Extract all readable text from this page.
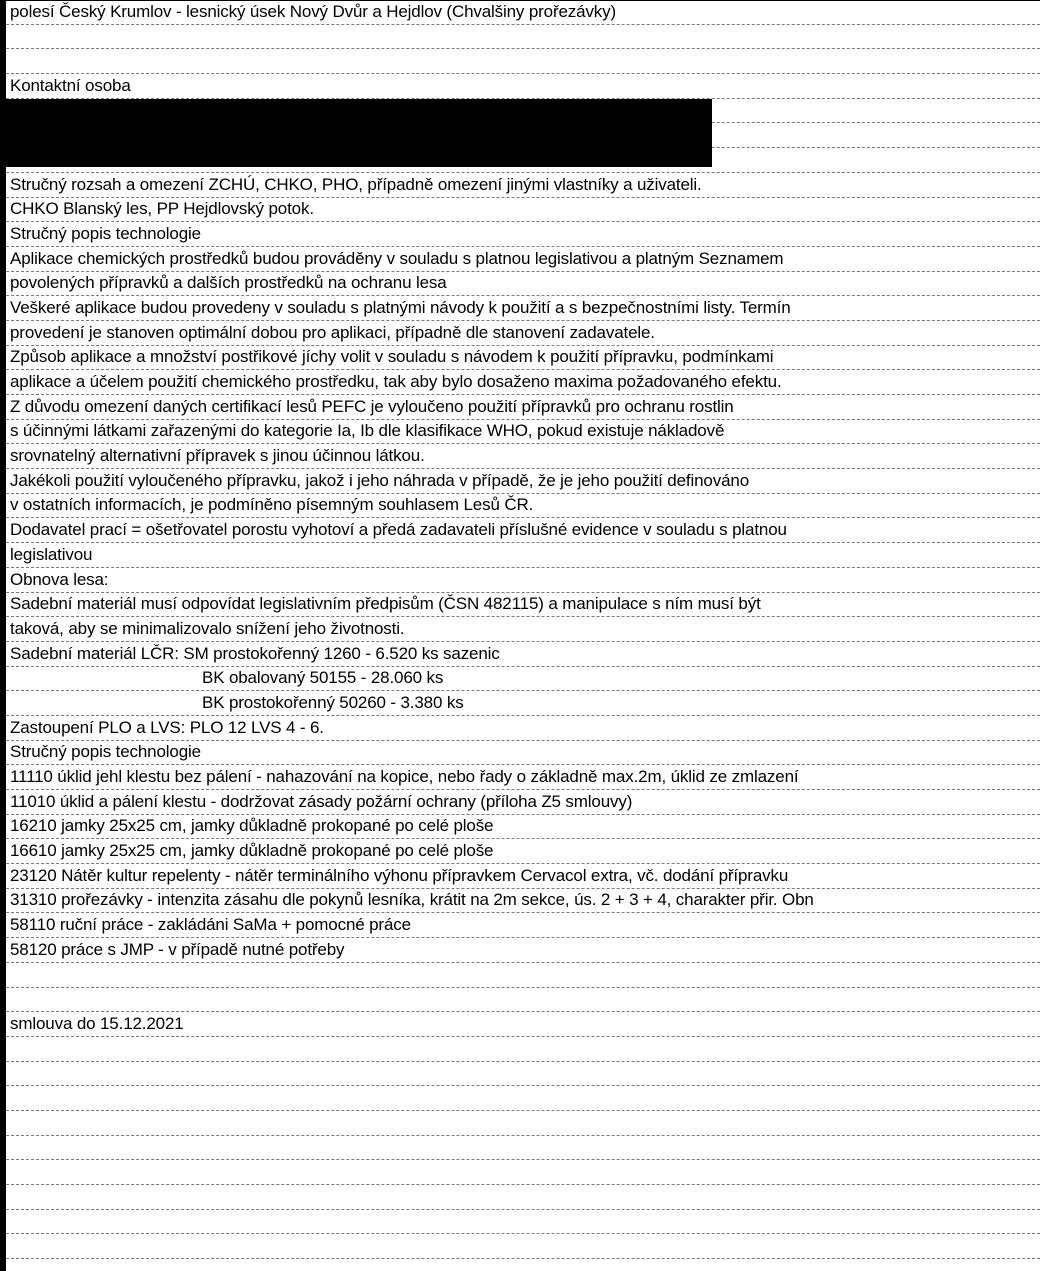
polesí Český Krumlov - lesnický úsek Nový Dvůr a Hejdlov (Chvalšiny prořezávky)
Kontaktní osoba
Stručný rozsah a omezení ZCHÚ, CHKO, PHO, případně omezení jinými vlastníky a uživateli.
CHKO Blanský les, PP Hejdlovský potok.
Stručný popis technologie
Aplikace chemických prostředků budou prováděny v souladu s platnou legislativou a platným Seznamem
povolených přípravků a dalších prostředků na ochranu lesa
Veškeré aplikace budou provedeny v souladu s platnými návody k použití a s bezpečnostními listy. Termín
provedení je stanoven optimální dobou pro aplikaci, případně dle stanovení zadavatele.
Způsob aplikace a množství postřikové jíchy volit v souladu s návodem k použití přípravku, podmínkami
aplikace a účelem použití chemického prostředku, tak aby bylo dosaženo maxima požadovaného efektu.
Z důvodu omezení daných certifikací lesů PEFC je vyloučeno použití přípravků pro ochranu rostlin
s účinnými látkami zařazenými do kategorie Ia, Ib dle klasifikace WHO, pokud existuje nákladově
srovnatelný alternativní přípravek s jinou účinnou látkou.
Jakékoli použití vyloučeného přípravku, jakož i jeho náhrada v případě, že je jeho použití definováno
v ostatních informacích, je podmíněno písemným souhlasem Lesů ČR.
Dodavatel prací = ošetřovatel porostu vyhotoví a předá zadavateli příslušné evidence v souladu s platnou
legislativou
Obnova lesa:
Sadební materiál musí odpovídat legislativním předpisům (ČSN 482115) a manipulace s ním musí být
taková, aby se minimalizovalo snížení jeho životnosti.
Sadební materiál LČR: SM prostokořenný 1260 - 6.520 ks sazenic
BK obalovaný 50155 - 28.060 ks
BK prostokořenný 50260 - 3.380 ks
Zastoupení PLO a LVS: PLO 12 LVS 4 - 6.
Stručný popis technologie
11110 úklid jehl klestu bez pálení - nahazování na kopice, nebo řady o základně max.2m, úklid ze zmlazení
11010 úklid a pálení klestu - dodržovat zásady požární ochrany (příloha Z5 smlouvy)
16210 jamky 25x25 cm, jamky důkladně prokopané po celé ploše
16610 jamky 25x25 cm, jamky důkladně prokopané po celé ploše
23120 Nátěr kultur repelenty - nátěr terminálního výhonu přípravkem Cervacol extra, vč. dodání přípravku
31310 prořezávky - intenzita zásahu dle pokynů lesníka, krátit na 2m sekce, ús. 2 + 3 + 4, charakter přir. Obn
58110 ruční práce - zakládáni SaMa + pomocné práce
58120 práce s JMP - v případě nutné potřeby
smlouva do 15.12.2021
